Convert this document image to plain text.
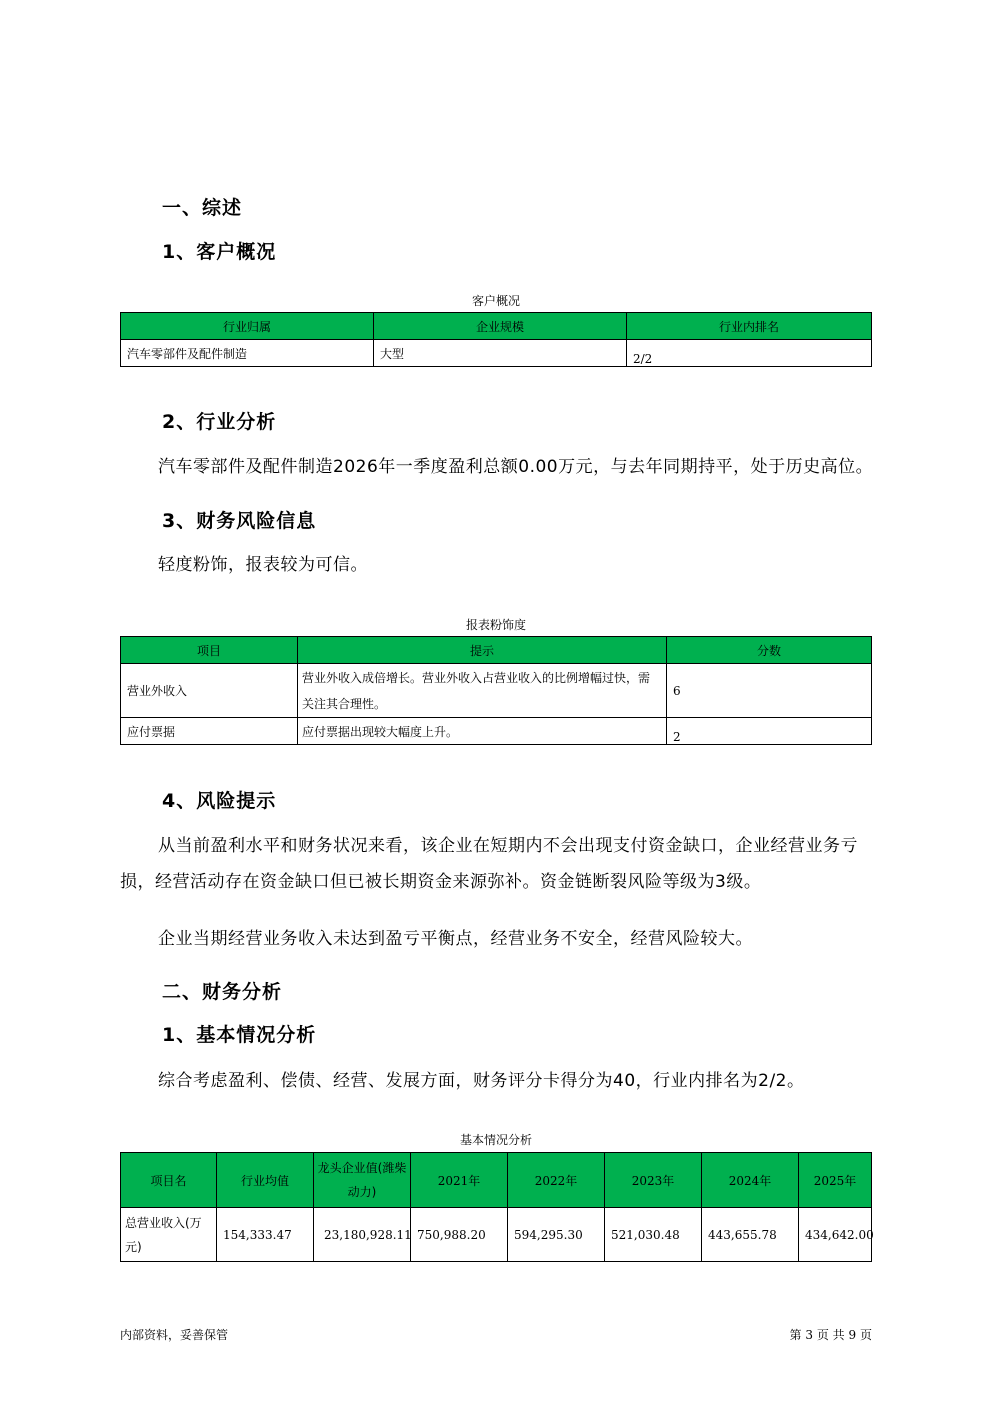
一、综述
1、客户概况
客户概况
行业归属	企业规模	行业内排名
汽车零部件及配件制造	大型	2/2
2、行业分析
汽车零部件及配件制造2026年一季度盈利总额0.00万元，与去年同期持平，处于历史高位。
3、财务风险信息
轻度粉饰，报表较为可信。
报表粉饰度
项目	提示	分数
营业外收入	营业外收入成倍增长。营业外收入占营业收入的比例增幅过快，需关注其合理性。	6
应付票据	应付票据出现较大幅度上升。	2
4、风险提示
从当前盈利水平和财务状况来看，该企业在短期内不会出现支付资金缺口，企业经营业务亏损，经营活动存在资金缺口但已被长期资金来源弥补。资金链断裂风险等级为3级。
企业当期经营业务收入未达到盈亏平衡点，经营业务不安全，经营风险较大。
二、财务分析
1、基本情况分析
综合考虑盈利、偿债、经营、发展方面，财务评分卡得分为40，行业内排名为2/2。
基本情况分析
项目名	行业均值	龙头企业值(潍柴动力)	2021年	2022年	2023年	2024年	2025年
总营业收入(万元)	154,333.47	23,180,928.11	750,988.20	594,295.30	521,030.48	443,655.78	434,642.00
内部资料，妥善保管	第 3 页 共 9 页
